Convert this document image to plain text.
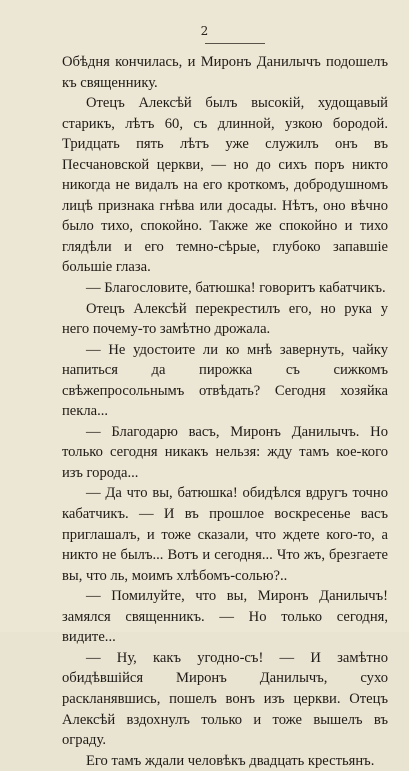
2

Обѣдня кончилась, и Миронъ Данилычъ подошелъ къ священнику.

Отецъ Алексѣй былъ высокій, худощавый старикъ, лѣтъ 60, съ длинной, узкою бородой. Тридцать пять лѣтъ уже служилъ онъ въ Песчановской церкви, — но до сихъ поръ никто никогда не видалъ на его кроткомъ, добродушномъ лицѣ признака гнѣва или досады. Нѣтъ, оно вѣчно было тихо, спокойно. Также же спокойно и тихо глядѣли и его темно-сѣрые, глубоко запавшіе большіе глаза.

— Благословите, батюшка! говоритъ кабатчикъ.

Отецъ Алексѣй перекрестилъ его, но рука у него почему-то замѣтно дрожала.

— Не удостоите ли ко мнѣ завернуть, чайку напиться да пирожка съ сижкомъ свѣжепросольнымъ отвѣдать? Сегодня хозяйка пекла...

— Благодарю васъ, Миронъ Данилычъ. Но только сегодня никакъ нельзя: жду тамъ кое-кого изъ города...

— Да что вы, батюшка! обидѣлся вдругъ точно кабатчикъ. — И въ прошлое воскресенье васъ приглашалъ, и тоже сказали, что ждете кого-то, а никто не былъ... Вотъ и сегодня... Что жъ, брезгаете вы, что ль, моимъ хлѣбомъ-солью?..

— Помилуйте, что вы, Миронъ Данилычъ! замялся священникъ. — Но только сегодня, видите...

— Ну, какъ угодно-съ! — И замѣтно обидѣвшійся Миронъ Данилычъ, сухо раскланявшись, пошелъ вонъ изъ церкви. Отецъ Алексѣй вздохнулъ только и тоже вышелъ въ ограду.

Его тамъ ждали человѣкъ двадцать крестьянъ.
